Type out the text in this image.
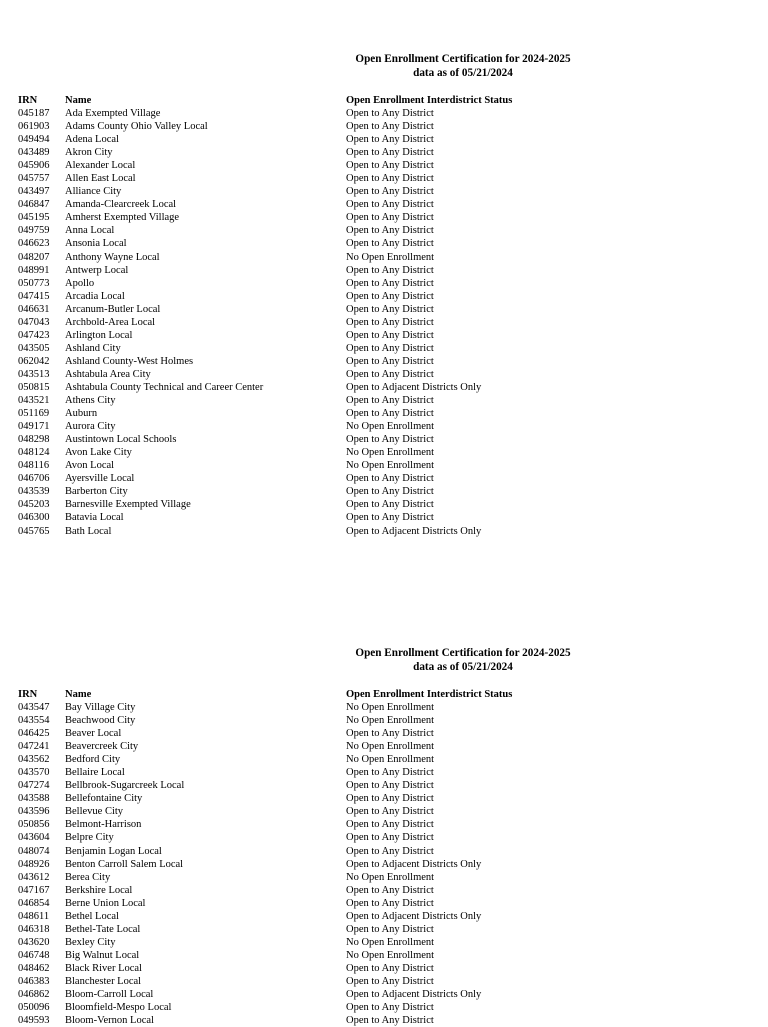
Open Enrollment Certification for 2024-2025
data as of 05/21/2024
IRN	Name	Open Enrollment Interdistrict Status
045187 Ada Exempted Village	Open to Any District
061903 Adams County Ohio Valley Local	Open to Any District
049494 Adena Local	Open to Any District
043489 Akron City	Open to Any District
045906 Alexander Local	Open to Any District
045757 Allen East Local	Open to Any District
043497 Alliance City	Open to Any District
046847 Amanda-Clearcreek Local	Open to Any District
045195 Amherst Exempted Village	Open to Any District
049759 Anna Local	Open to Any District
046623 Ansonia Local	Open to Any District
048207 Anthony Wayne Local	No Open Enrollment
048991 Antwerp Local	Open to Any District
050773 Apollo	Open to Any District
047415 Arcadia Local	Open to Any District
046631 Arcanum-Butler Local	Open to Any District
047043 Archbold-Area Local	Open to Any District
047423 Arlington Local	Open to Any District
043505 Ashland City	Open to Any District
062042 Ashland County-West Holmes	Open to Any District
043513 Ashtabula Area City	Open to Any District
050815 Ashtabula County Technical and Career Center	Open to Adjacent Districts Only
043521 Athens City	Open to Any District
051169 Auburn	Open to Any District
049171 Aurora City	No Open Enrollment
048298 Austintown Local Schools	Open to Any District
048124 Avon Lake City	No Open Enrollment
048116 Avon Local	No Open Enrollment
046706 Ayersville Local	Open to Any District
043539 Barberton City	Open to Any District
045203 Barnesville Exempted Village	Open to Any District
046300 Batavia Local	Open to Any District
045765 Bath Local	Open to Adjacent Districts Only
Open Enrollment Certification for 2024-2025
data as of 05/21/2024
IRN	Name	Open Enrollment Interdistrict Status
043547 Bay Village City	No Open Enrollment
043554 Beachwood City	No Open Enrollment
046425 Beaver Local	Open to Any District
047241 Beavercreek City	No Open Enrollment
043562 Bedford City	No Open Enrollment
043570 Bellaire Local	Open to Any District
047274 Bellbrook-Sugarcreek Local	Open to Any District
043588 Bellefontaine City	Open to Any District
043596 Bellevue City	Open to Any District
050856 Belmont-Harrison	Open to Any District
043604 Belpre City	Open to Any District
048074 Benjamin Logan Local	Open to Any District
048926 Benton Carroll Salem Local	Open to Adjacent Districts Only
043612 Berea City	No Open Enrollment
047167 Berkshire Local	Open to Any District
046854 Berne Union Local	Open to Any District
048611 Bethel Local	Open to Adjacent Districts Only
046318 Bethel-Tate Local	Open to Any District
043620 Bexley City	No Open Enrollment
046748 Big Walnut Local	No Open Enrollment
048462 Black River Local	Open to Any District
046383 Blanchester Local	Open to Any District
046862 Bloom-Carroll Local	Open to Adjacent Districts Only
050096 Bloomfield-Mespo Local	Open to Any District
049593 Bloom-Vernon Local	Open to Any District
